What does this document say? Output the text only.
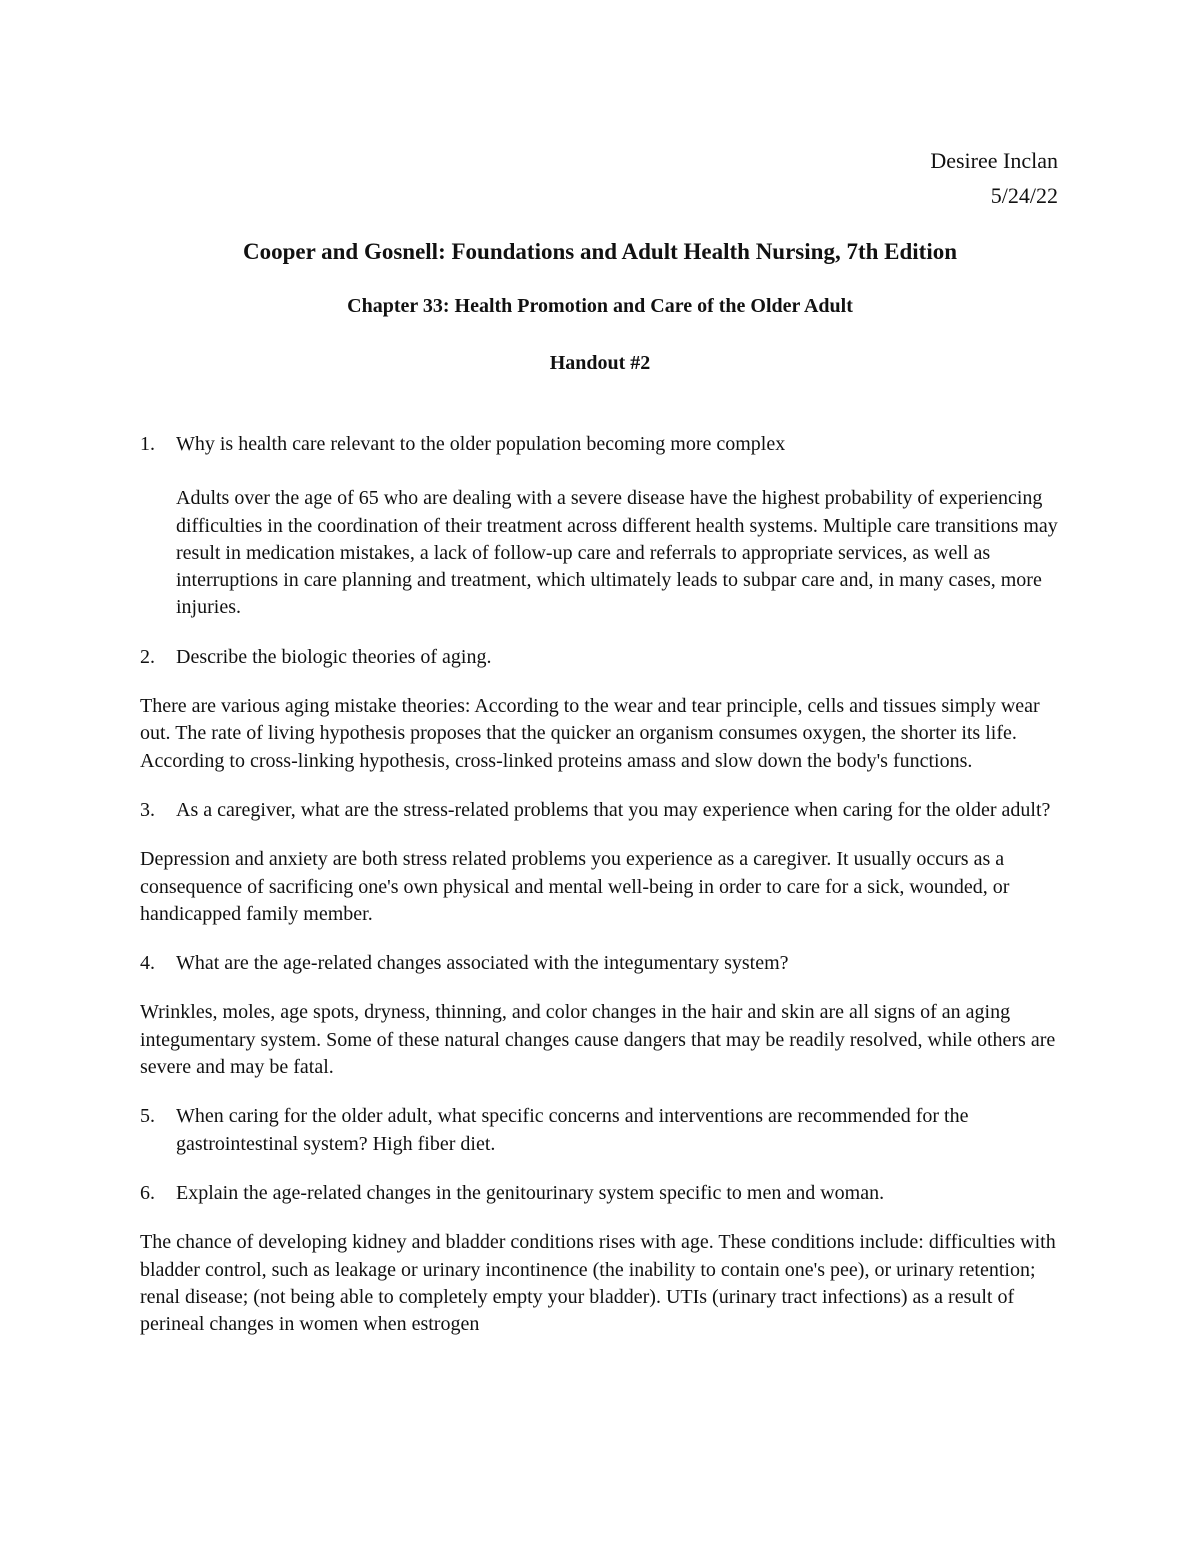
Desiree Inclan
5/24/22
Cooper and Gosnell: Foundations and Adult Health Nursing, 7th Edition
Chapter 33: Health Promotion and Care of the Older Adult
Handout #2
1. Why is health care relevant to the older population becoming more complex

Adults over the age of 65 who are dealing with a severe disease have the highest probability of experiencing difficulties in the coordination of their treatment across different health systems. Multiple care transitions may result in medication mistakes, a lack of follow-up care and referrals to appropriate services, as well as interruptions in care planning and treatment, which ultimately leads to subpar care and, in many cases, more injuries.

2. Describe the biologic theories of aging.

There are various aging mistake theories: According to the wear and tear principle, cells and tissues simply wear out. The rate of living hypothesis proposes that the quicker an organism consumes oxygen, the shorter its life. According to cross-linking hypothesis, cross-linked proteins amass and slow down the body's functions.

3. As a caregiver, what are the stress-related problems that you may experience when caring for the older adult?

Depression and anxiety are both stress related problems you experience as a caregiver. It usually occurs as a consequence of sacrificing one's own physical and mental well-being in order to care for a sick, wounded, or handicapped family member.

4. What are the age-related changes associated with the integumentary system?

Wrinkles, moles, age spots, dryness, thinning, and color changes in the hair and skin are all signs of an aging integumentary system. Some of these natural changes cause dangers that may be readily resolved, while others are severe and may be fatal.

5. When caring for the older adult, what specific concerns and interventions are recommended for the gastrointestinal system? High fiber diet.
6. Explain the age-related changes in the genitourinary system specific to men and woman.

The chance of developing kidney and bladder conditions rises with age. These conditions include: difficulties with bladder control, such as leakage or urinary incontinence (the inability to contain one's pee), or urinary retention; renal disease; (not being able to completely empty your bladder). UTIs (urinary tract infections) as a result of perineal changes in women when estrogen
